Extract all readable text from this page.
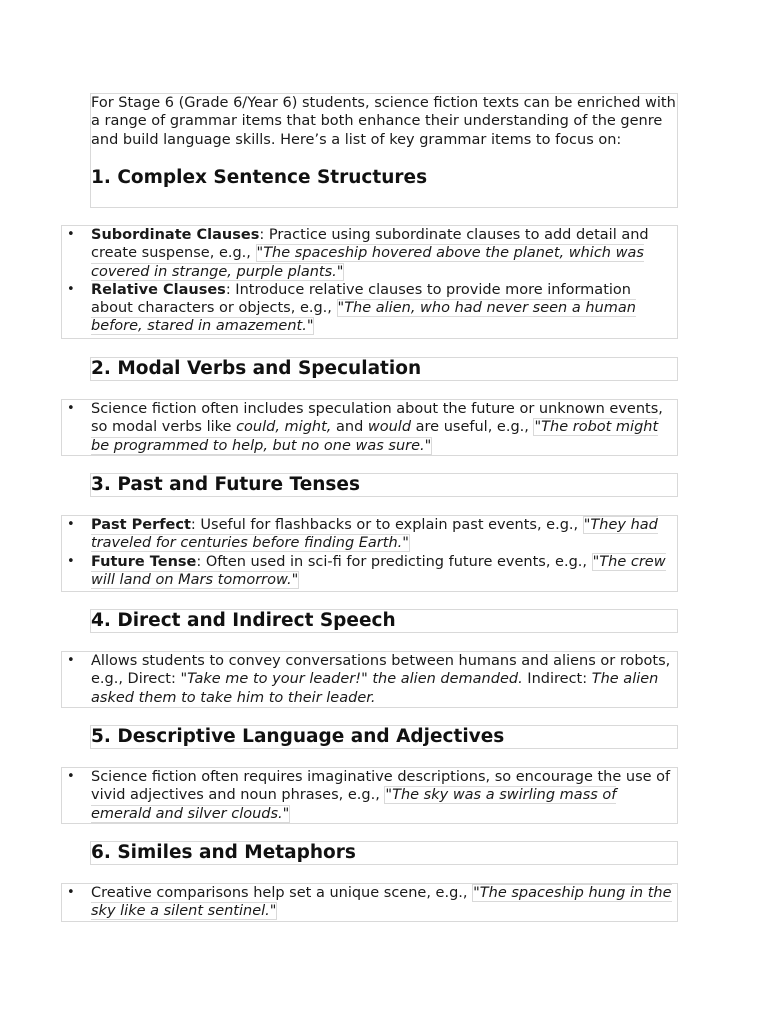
For Stage 6 (Grade 6/Year 6) students, science fiction texts can be enriched with a range of grammar items that both enhance their understanding of the genre and build language skills. Here’s a list of key grammar items to focus on:

1. Complex Sentence Structures
• Subordinate Clauses: Practice using subordinate clauses to add detail and create suspense, e.g., "The spaceship hovered above the planet, which was covered in strange, purple plants."
• Relative Clauses: Introduce relative clauses to provide more information about characters or objects, e.g., "The alien, who had never seen a human before, stared in amazement."
2. Modal Verbs and Speculation
• Science fiction often includes speculation about the future or unknown events, so modal verbs like could, might, and would are useful, e.g., "The robot might be programmed to help, but no one was sure."
3. Past and Future Tenses
• Past Perfect: Useful for flashbacks or to explain past events, e.g., "They had traveled for centuries before finding Earth."
• Future Tense: Often used in sci-fi for predicting future events, e.g., "The crew will land on Mars tomorrow."
4. Direct and Indirect Speech
• Allows students to convey conversations between humans and aliens or robots, e.g., Direct: "Take me to your leader!" the alien demanded. Indirect: The alien asked them to take him to their leader.
5. Descriptive Language and Adjectives
• Science fiction often requires imaginative descriptions, so encourage the use of vivid adjectives and noun phrases, e.g., "The sky was a swirling mass of emerald and silver clouds."
6. Similes and Metaphors
• Creative comparisons help set a unique scene, e.g., "The spaceship hung in the sky like a silent sentinel."
